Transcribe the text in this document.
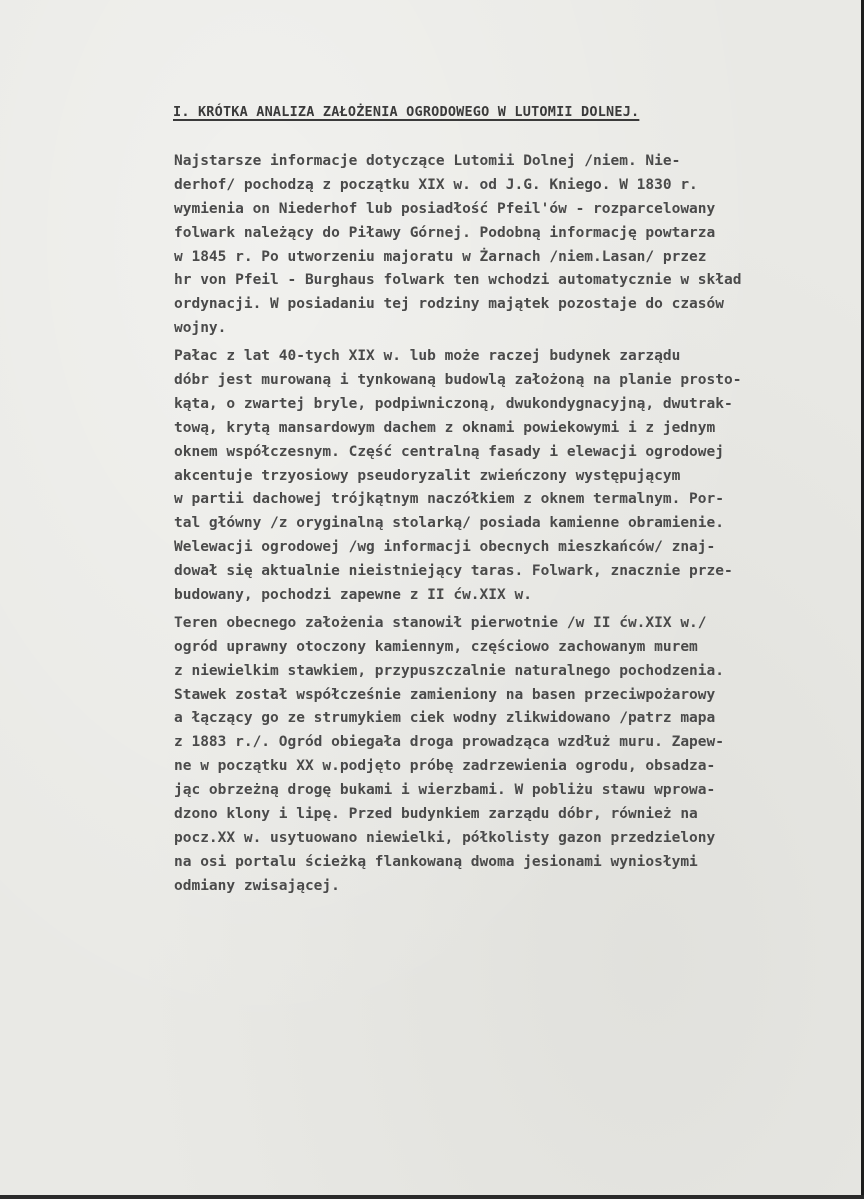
I. KRÓTKA ANALIZA ZAŁOŻENIA OGRODOWEGO W LUTOMII DOLNEJ.
Najstarsze informacje dotyczące Lutomii Dolnej /niem. Nie-
derhof/ pochodzą z początku XIX w. od J.G. Kniego. W 1830 r.
wymienia on Niederhof lub posiadłość Pfeil'ów - rozparcelowany
folwark należący do Piławy Górnej. Podobną informację powtarza
w 1845 r. Po utworzeniu majoratu w Żarnach /niem.Lasan/ przez
hr von Pfeil - Burghaus folwark ten wchodzi automatycznie w skład
ordynacji. W posiadaniu tej rodziny majątek pozostaje do czasów
wojny.
Pałac z lat 40-tych XIX w. lub może raczej budynek zarządu
dóbr jest murowaną i tynkowaną budowlą założoną na planie prosto-
kąta, o zwartej bryle, podpiwniczoną, dwukondygnacyjną, dwutrak-
tową, krytą mansardowym dachem z oknami powiekowymi i z jednym
oknem współczesnym. Część centralną fasady i elewacji ogrodowej
akcentuje trzyosiowy pseudoryzalit zwieńczony występującym
w partii dachowej trójkątnym naczółkiem z oknem termalnym. Por-
tal główny /z oryginalną stolarką/ posiada kamienne obramienie.
Welewacji ogrodowej /wg informacji obecnych mieszkańców/ znaj-
dował się aktualnie nieistniejący taras. Folwark, znacznie prze-
budowany, pochodzi zapewne z II ćw.XIX w.
Teren obecnego założenia stanowił pierwotnie /w II ćw.XIX w./
ogród uprawny otoczony kamiennym, częściowo zachowanym murem
z niewielkim stawkiem, przypuszczalnie naturalnego pochodzenia.
Stawek został współcześnie zamieniony na basen przeciwpożarowy
a łączący go ze strumykiem ciek wodny zlikwidowano /patrz mapa
z 1883 r./. Ogród obiegała droga prowadząca wzdłuż muru. Zapew-
ne w początku XX w.podjęto próbę zadrzewienia ogrodu, obsadza-
jąc obrzeżną drogę bukami i wierzbami. W pobliżu stawu wprowa-
dzono klony i lipę. Przed budynkiem zarządu dóbr, również na
pocz.XX w. usytuowano niewielki, półkolisty gazon przedzielony
na osi portalu ścieżką flankowaną dwoma jesionami wyniosłymi
odmiany zwisającej.
